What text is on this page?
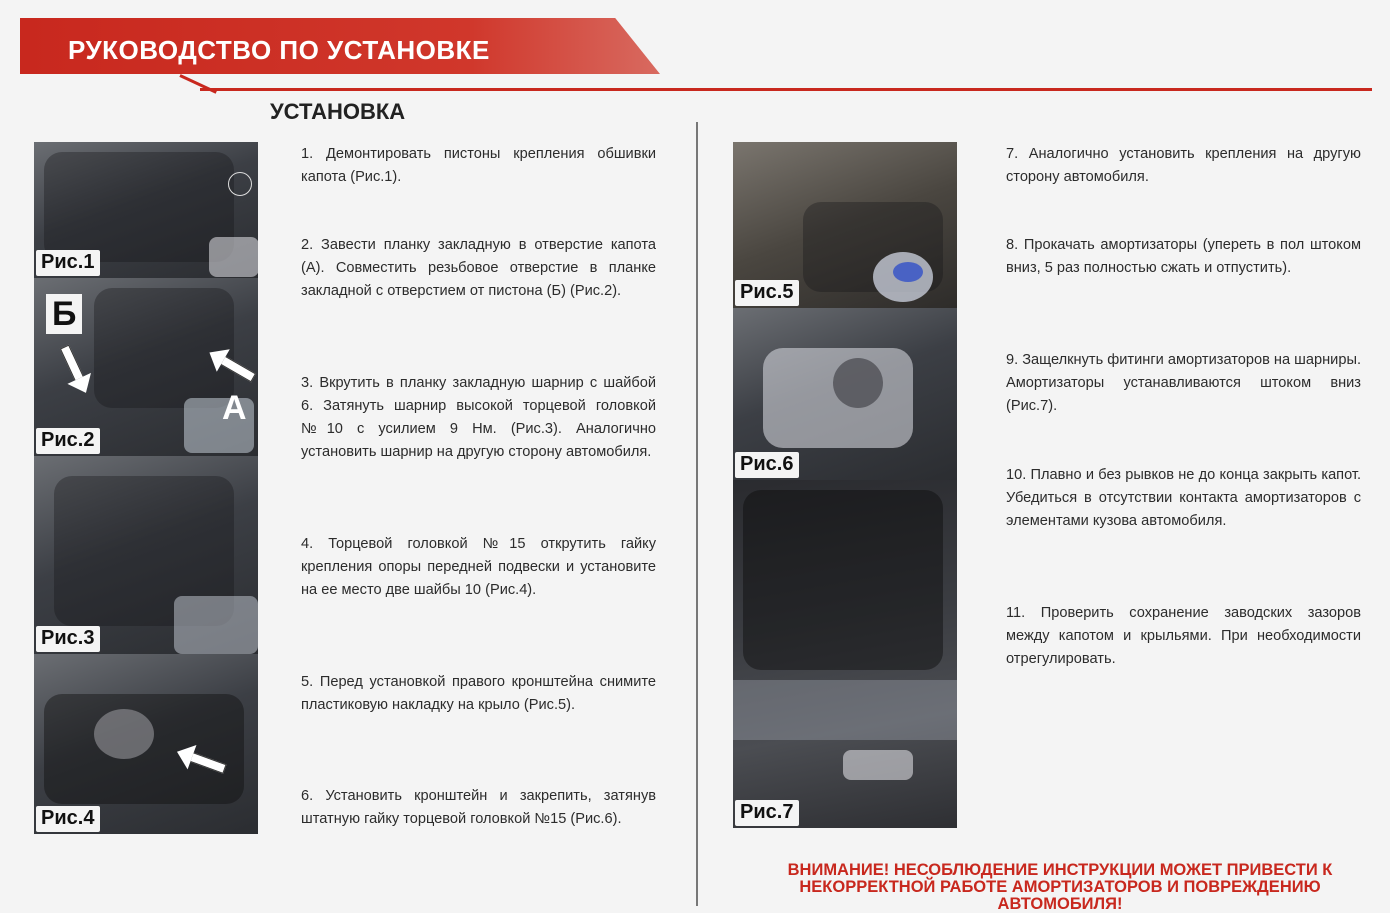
РУКОВОДСТВО ПО УСТАНОВКЕ
УСТАНОВКА
Рис.1
Б
А
Рис.2
Рис.3
Рис.4
1. Демонтировать пистоны крепления обшивки капота (Рис.1).
2. Завести планку закладную в отверстие капота (А). Совместить резьбовое отверстие в планке закладной с отверстием от пистона (Б) (Рис.2).
3. Вкрутить в планку закладную шарнир с шайбой 6. Затянуть шарнир высокой торцевой головкой №10 с усилием 9 Нм. (Рис.3). Аналогично установить шарнир на другую сторону автомобиля.
4. Торцевой головкой №15 открутить гайку крепления опоры передней подвески и установите на ее место две шайбы 10 (Рис.4).
5. Перед установкой правого кронштейна снимите пластиковую накладку на крыло (Рис.5).
6. Установить кронштейн и закрепить, затянув штатную гайку торцевой головкой №15 (Рис.6).
Рис.5
Рис.6
Рис.7
7. Аналогично установить крепления на другую сторону автомобиля.
8. Прокачать амортизаторы (упереть в пол штоком вниз, 5 раз полностью сжать и отпустить).
9. Защелкнуть фитинги амортизаторов на шарниры. Амортизаторы устанавливаются штоком вниз (Рис.7).
10. Плавно и без рывков не до конца закрыть капот. Убедиться в отсутствии контакта амортизаторов с элементами кузова автомобиля.
11. Проверить сохранение заводских зазоров между капотом и крыльями. При необходимости отрегулировать.
ВНИМАНИЕ! НЕСОБЛЮДЕНИЕ ИНСТРУКЦИИ МОЖЕТ ПРИВЕСТИ К НЕКОРРЕКТНОЙ РАБОТЕ АМОРТИЗАТОРОВ И ПОВРЕЖДЕНИЮ АВТОМОБИЛЯ!
